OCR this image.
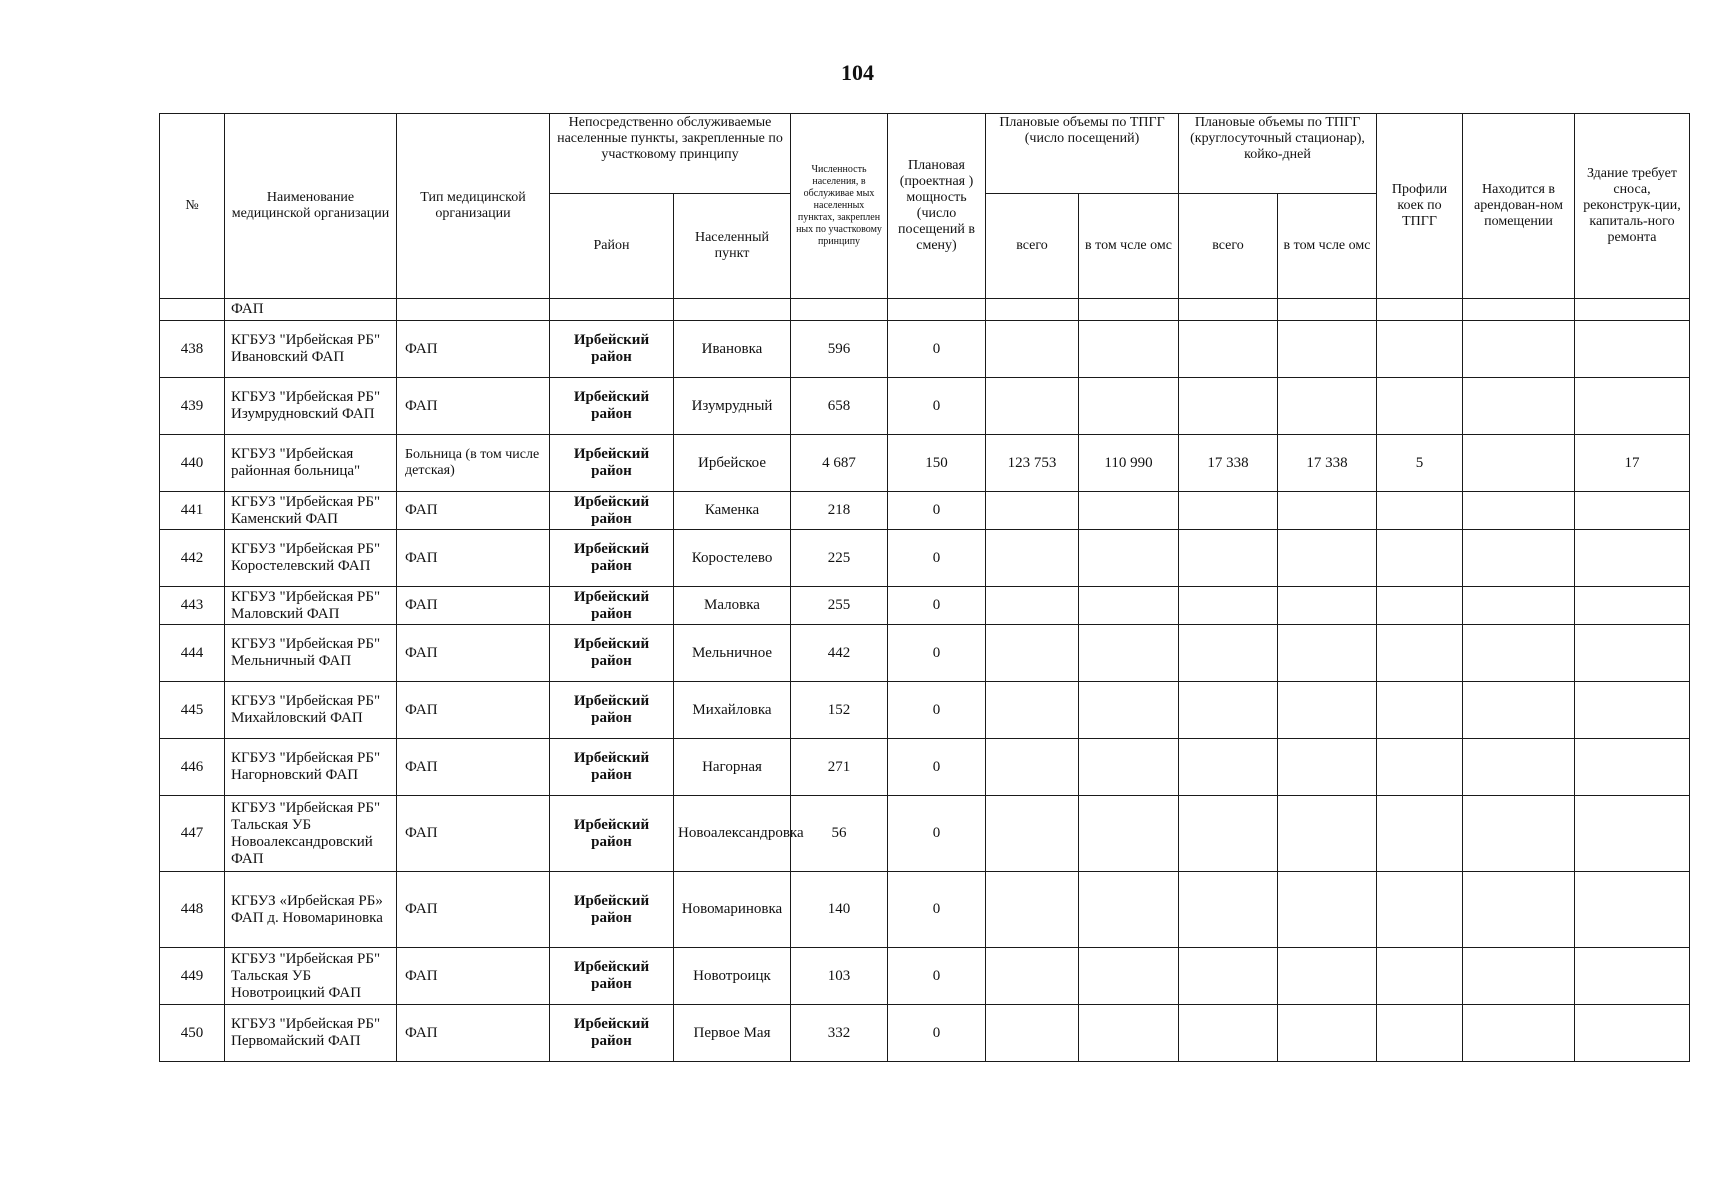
104
№	Наименование медицинской организации	Тип медицинской организации	Непосредственно обслуживаемые населенные пункты, закрепленные по участковому принципу		Численность населения, в обслуживае мых населенных пунктах, закреплен ных по участковому принципу	Плановая (проектная ) мощность (число посещений в смену)	Плановые объемы по ТПГГ (число посещений)		Плановые объемы по ТПГГ (круглосуточный стационар), койко-дней		Профили коек по ТПГГ	Находится в арендован-ном помещении	Здание требует сноса, реконструк-ции, капиталь-ного ремонта
			Район	Населенный пункт			всего	в том чсле омс	всего	в том чсле омс			
	ФАП												
438	КГБУЗ "Ирбейская РБ" Ивановский ФАП	ФАП	Ирбейский район	Ивановка	596	0							
439	КГБУЗ "Ирбейская РБ" Изумрудновский ФАП	ФАП	Ирбейский район	Изумрудный	658	0							
440	КГБУЗ "Ирбейская районная больница"	Больница (в том числе детская)	Ирбейский район	Ирбейское	4 687	150	123 753	110 990	17 338	17 338	5		17
441	КГБУЗ "Ирбейская РБ" Каменский ФАП	ФАП	Ирбейский район	Каменка	218	0							
442	КГБУЗ "Ирбейская РБ" Коростелевский ФАП	ФАП	Ирбейский район	Коростелево	225	0							
443	КГБУЗ "Ирбейская РБ" Маловский ФАП	ФАП	Ирбейский район	Маловка	255	0							
444	КГБУЗ "Ирбейская РБ" Мельничный ФАП	ФАП	Ирбейский район	Мельничное	442	0							
445	КГБУЗ "Ирбейская РБ" Михайловский ФАП	ФАП	Ирбейский район	Михайловка	152	0							
446	КГБУЗ "Ирбейская РБ" Нагорновский ФАП	ФАП	Ирбейский район	Нагорная	271	0							
447	КГБУЗ "Ирбейская РБ" Тальская УБ Новоалександровский ФАП	ФАП	Ирбейский район	Новоалександровка	56	0							
448	КГБУЗ «Ирбейская РБ» ФАП д. Новомариновка	ФАП	Ирбейский район	Новомариновка	140	0							
449	КГБУЗ "Ирбейская РБ" Тальская УБ Новотроицкий ФАП	ФАП	Ирбейский район	Новотроицк	103	0							
450	КГБУЗ "Ирбейская РБ" Первомайский ФАП	ФАП	Ирбейский район	Первое Мая	332	0							
